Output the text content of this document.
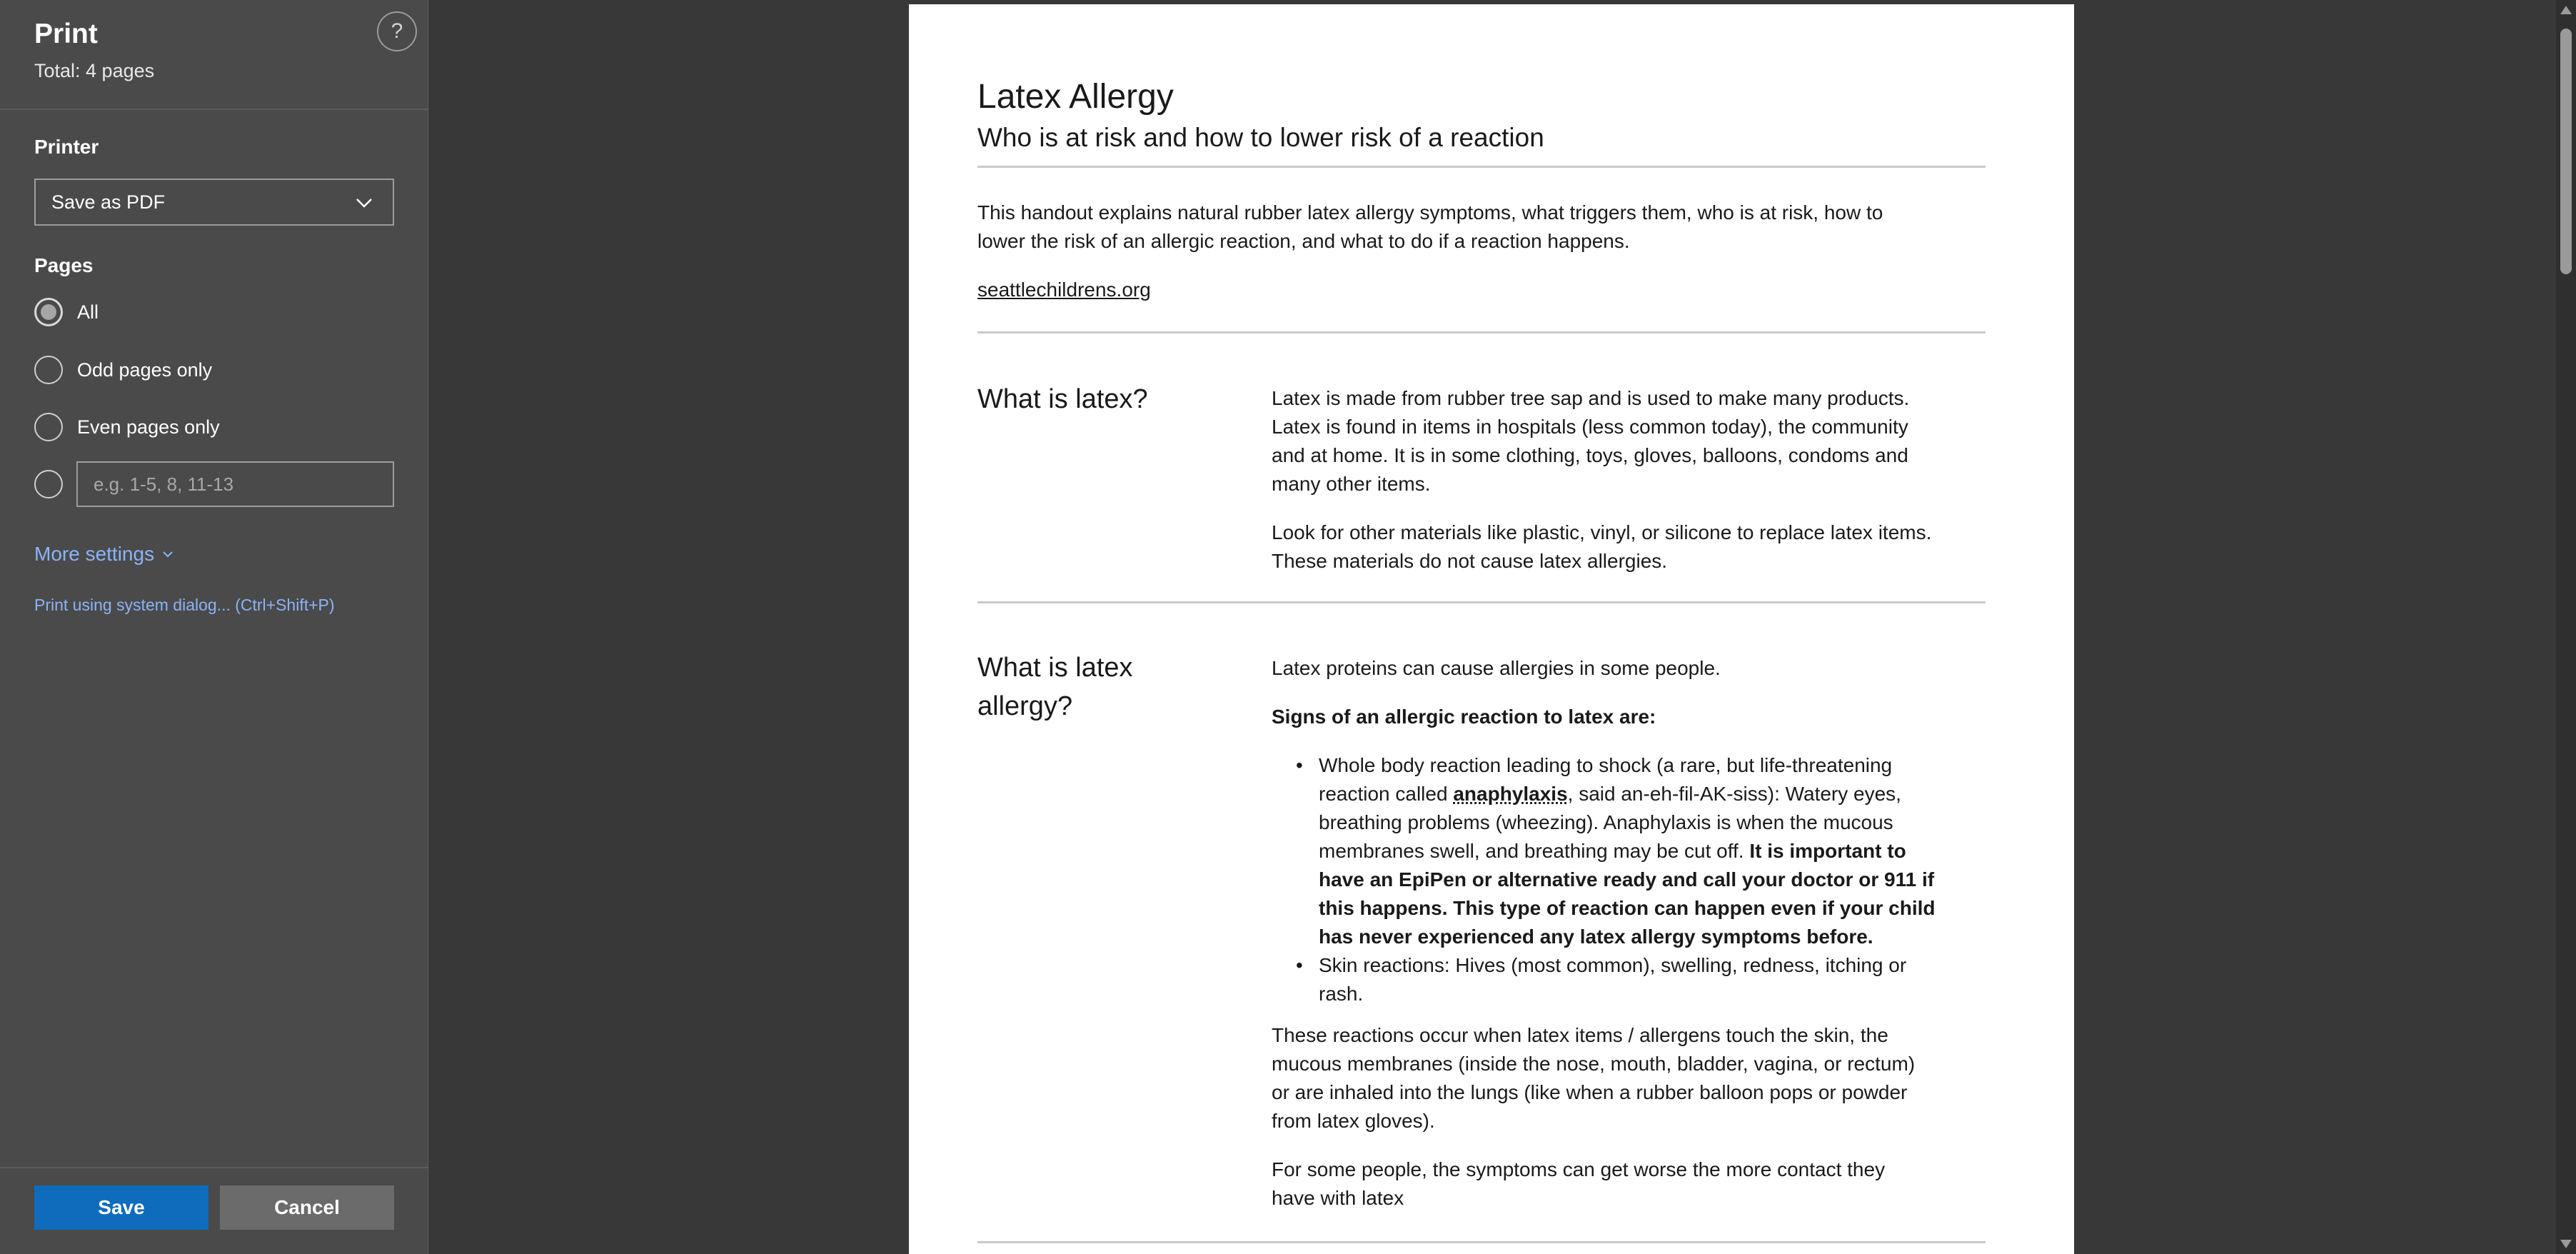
Print
Total: 4 pages
?
Printer
Save as PDF
Pages
All
Odd pages only
Even pages only
e.g. 1-5, 8, 11-13
More settings
Print using system dialog... (Ctrl+Shift+P)
Save	Cancel
Latex Allergy
Who is at risk and how to lower risk of a reaction
This handout explains natural rubber latex allergy symptoms, what triggers them, who is at risk, how to
lower the risk of an allergic reaction, and what to do if a reaction happens.
seattlechildrens.org
What is latex?	Latex is made from rubber tree sap and is used to make many products.
Latex is found in items in hospitals (less common today), the community
and at home. It is in some clothing, toys, gloves, balloons, condoms and
many other items.
Look for other materials like plastic, vinyl, or silicone to replace latex items.
These materials do not cause latex allergies.
What is latex
allergy?
Latex proteins can cause allergies in some people.
Signs of an allergic reaction to latex are:
• Whole body reaction leading to shock (a rare, but life-threatening
reaction called anaphylaxis, said an-eh-fil-AK-siss): Watery eyes,
breathing problems (wheezing). Anaphylaxis is when the mucous
membranes swell, and breathing may be cut off. It is important to
have an EpiPen or alternative ready and call your doctor or 911 if
this happens. This type of reaction can happen even if your child
has never experienced any latex allergy symptoms before.
• Skin reactions: Hives (most common), swelling, redness, itching or
rash.
These reactions occur when latex items / allergens touch the skin, the
mucous membranes (inside the nose, mouth, bladder, vagina, or rectum)
or are inhaled into the lungs (like when a rubber balloon pops or powder
from latex gloves).
For some people, the symptoms can get worse the more contact they
have with latex
